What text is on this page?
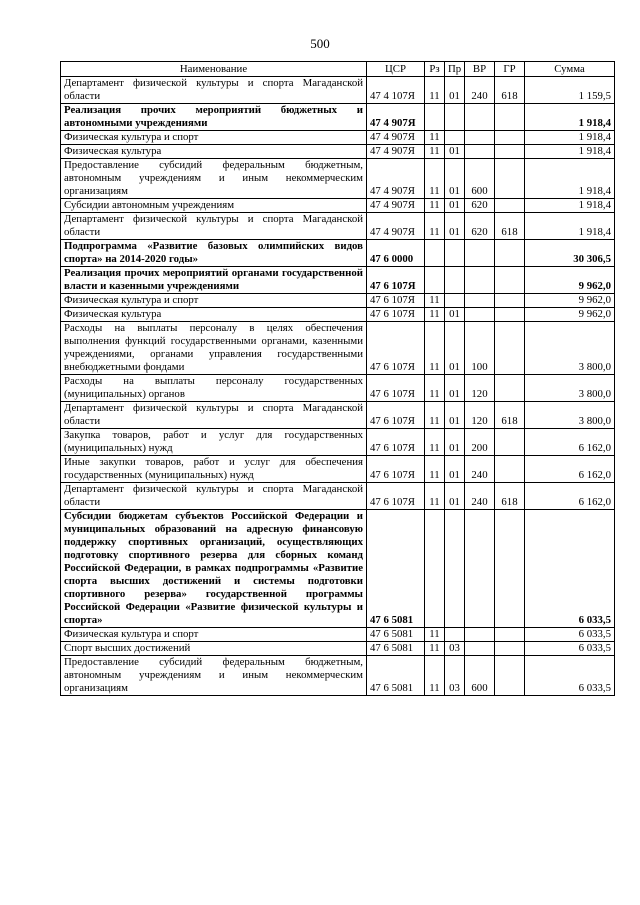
500
Наименование	ЦСР	Рз	Пр	ВР	ГР	Сумма
Департамент физической культуры и спорта Магаданской области	47 4 107Я	11	01	240	618	1 159,5
Реализация прочих мероприятий бюджетных и автономными учреждениями	47 4 907Я					1 918,4
Физическая культура и спорт	47 4 907Я	11				1 918,4
Физическая культура	47 4 907Я	11	01			1 918,4
Предоставление субсидий федеральным бюджетным, автономным учреждениям и иным некоммерческим организациям	47 4 907Я	11	01	600		1 918,4
Субсидии автономным учреждениям	47 4 907Я	11	01	620		1 918,4
Департамент физической культуры и спорта Магаданской области	47 4 907Я	11	01	620	618	1 918,4
Подпрограмма «Развитие базовых олимпийских видов спорта» на 2014-2020 годы»	47 6 0000					30 306,5
Реализация прочих мероприятий органами государственной власти и казенными учреждениями	47 6 107Я					9 962,0
Физическая культура и спорт	47 6 107Я	11				9 962,0
Физическая культура	47 6 107Я	11	01			9 962,0
Расходы на выплаты персоналу в целях обеспечения выполнения функций государственными органами, казенными учреждениями, органами управления государственными внебюджетными фондами	47 6 107Я	11	01	100		3 800,0
Расходы на выплаты персоналу государственных (муниципальных) органов	47 6 107Я	11	01	120		3 800,0
Департамент физической культуры и спорта Магаданской области	47 6 107Я	11	01	120	618	3 800,0
Закупка товаров, работ и услуг для государственных (муниципальных) нужд	47 6 107Я	11	01	200		6 162,0
Иные закупки товаров, работ и услуг для обеспечения государственных (муниципальных) нужд	47 6 107Я	11	01	240		6 162,0
Департамент физической культуры и спорта Магаданской области	47 6 107Я	11	01	240	618	6 162,0
Субсидии бюджетам субъектов Российской Федерации и муниципальных образований на адресную финансовую поддержку спортивных организаций, осуществляющих подготовку спортивного резерва для сборных команд Российской Федерации, в рамках подпрограммы «Развитие спорта высших достижений и системы подготовки спортивного резерва» государственной программы Российской Федерации «Развитие физической культуры и спорта»	47 6 5081					6 033,5
Физическая культура и спорт	47 6 5081	11				6 033,5
Спорт высших достижений	47 6 5081	11	03			6 033,5
Предоставление субсидий федеральным бюджетным, автономным учреждениям и иным некоммерческим организациям	47 6 5081	11	03	600		6 033,5
